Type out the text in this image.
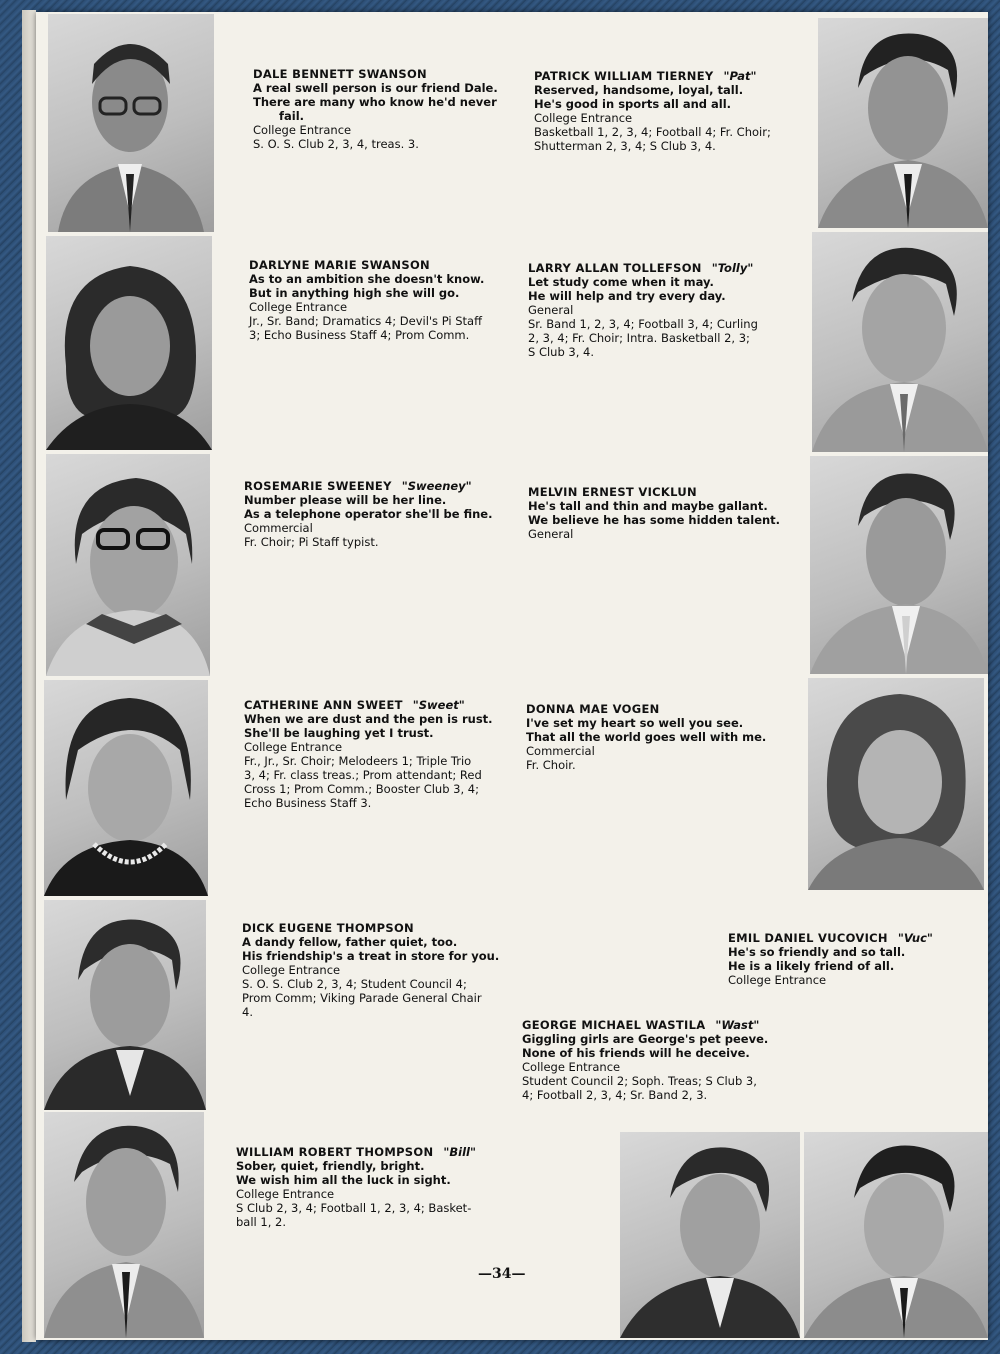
DALE BENNETT SWANSON
A real swell person is our friend Dale.
There are many who know he'd never
fail.
College Entrance
S. O. S. Club 2, 3, 4, treas. 3.
PATRICK WILLIAM TIERNEY "Pat"
Reserved, handsome, loyal, tall.
He's good in sports all and all.
College Entrance
Basketball 1, 2, 3, 4; Football 4; Fr. Choir;
Shutterman 2, 3, 4; S Club 3, 4.
DARLYNE MARIE SWANSON
As to an ambition she doesn't know.
But in anything high she will go.
College Entrance
Jr., Sr. Band; Dramatics 4; Devil's Pi Staff
3; Echo Business Staff 4; Prom Comm.
LARRY ALLAN TOLLEFSON "Tolly"
Let study come when it may.
He will help and try every day.
General
Sr. Band 1, 2, 3, 4; Football 3, 4; Curling
2, 3, 4; Fr. Choir; Intra. Basketball 2, 3;
S Club 3, 4.
ROSEMARIE SWEENEY "Sweeney"
Number please will be her line.
As a telephone operator she'll be fine.
Commercial
Fr. Choir; Pi Staff typist.
MELVIN ERNEST VICKLUN
He's tall and thin and maybe gallant.
We believe he has some hidden talent.
General
CATHERINE ANN SWEET "Sweet"
When we are dust and the pen is rust.
She'll be laughing yet I trust.
College Entrance
Fr., Jr., Sr. Choir; Melodeers 1; Triple Trio
3, 4; Fr. class treas.; Prom attendant; Red
Cross 1; Prom Comm.; Booster Club 3, 4;
Echo Business Staff 3.
DONNA MAE VOGEN
I've set my heart so well you see.
That all the world goes well with me.
Commercial
Fr. Choir.
DICK EUGENE THOMPSON
A dandy fellow, father quiet, too.
His friendship's a treat in store for you.
College Entrance
S. O. S. Club 2, 3, 4; Student Council 4;
Prom Comm; Viking Parade General Chair
4.
EMIL DANIEL VUCOVICH "Vuc"
He's so friendly and so tall.
He is a likely friend of all.
College Entrance
GEORGE MICHAEL WASTILA "Wast"
Giggling girls are George's pet peeve.
None of his friends will he deceive.
College Entrance
Student Council 2; Soph. Treas; S Club 3,
4; Football 2, 3, 4; Sr. Band 2, 3.
WILLIAM ROBERT THOMPSON "Bill"
Sober, quiet, friendly, bright.
We wish him all the luck in sight.
College Entrance
S Club 2, 3, 4; Football 1, 2, 3, 4; Basket-
ball 1, 2.
—34—
